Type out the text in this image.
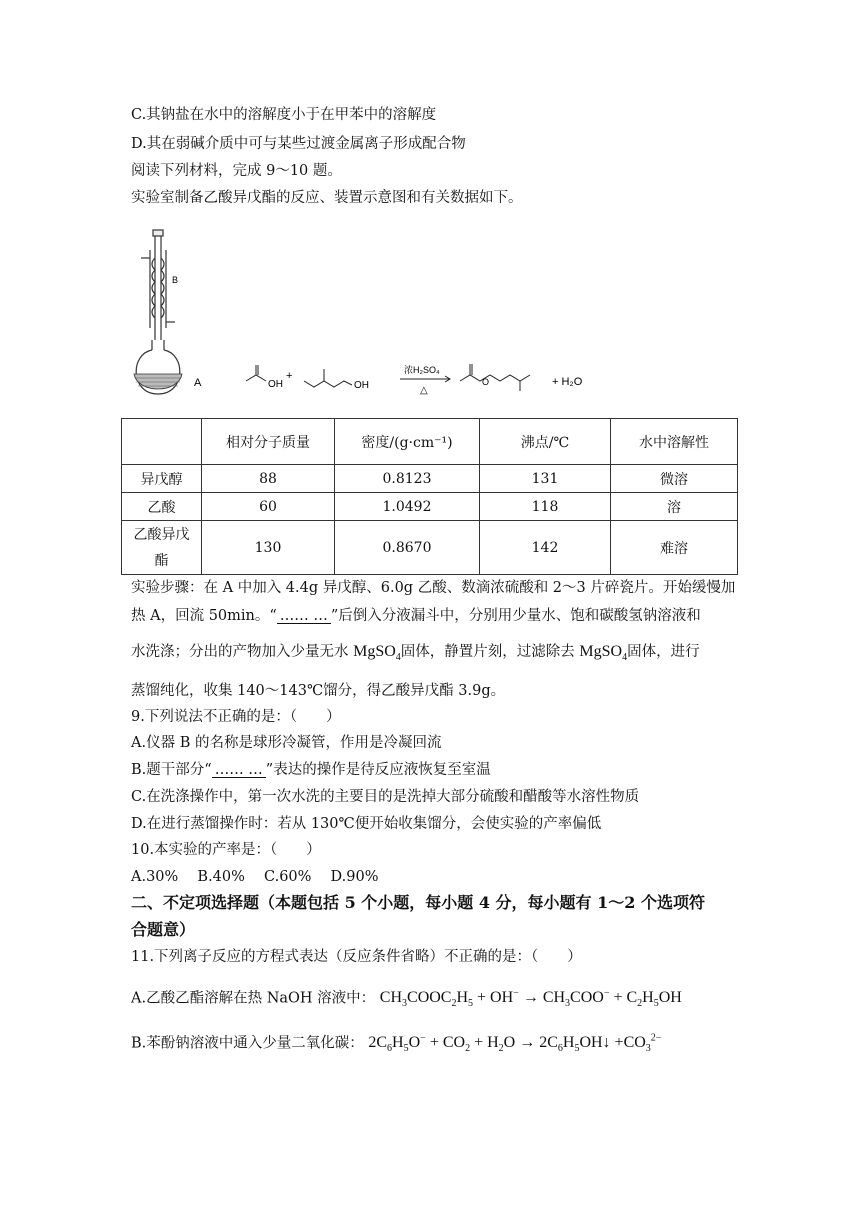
C.其钠盐在水中的溶解度小于在甲苯中的溶解度
D.其在弱碱介质中可与某些过渡金属离子形成配合物
阅读下列材料，完成 9～10 题。
实验室制备乙酸异戊酯的反应、装置示意图和有关数据如下。
B
A	OH
+
OH
浓H₂SO₄
△
O	+ H₂O
	相对分子质量	密度/(g·cm⁻¹)	沸点/℃	水中溶解性
异戊醇	88	0.8123	131	微溶
乙酸	60	1.0492	118	溶
乙酸异戊酯	130	0.8670	142	难溶
实验步骤：在 A 中加入 4.4g 异戊醇、6.0g 乙酸、数滴浓硫酸和 2～3 片碎瓷片。开始缓慢加
热 A，回流 50min。“ …… … ”后倒入分液漏斗中，分别用少量水、饱和碳酸氢钠溶液和
水洗涤；分出的产物加入少量无水 MgSO$_4$固体，静置片刻，过滤除去 MgSO$_4$固体，进行
蒸馏纯化，收集 140～143℃馏分，得乙酸异戊酯 3.9g。
9.下列说法不正确的是：（　　）
A.仪器 B 的名称是球形冷凝管，作用是冷凝回流
B.题干部分“ …… … ”表达的操作是待反应液恢复至室温
C.在洗涤操作中，第一次水洗的主要目的是洗掉大部分硫酸和醋酸等水溶性物质
D.在进行蒸馏操作时：若从 130℃便开始收集馏分，会使实验的产率偏低
10.本实验的产率是：（　　）
A.30%　 B.40%　 C.60%　 D.90%
二、不定项选择题（本题包括 5 个小题，每小题 4 分，每小题有 1～2 个选项符
合题意）
11.下列离子反应的方程式表达（反应条件省略）不正确的是：（　　）
A.乙酸乙酯溶解在热 NaOH 溶液中： $CH_3COOC_2H_5 + OH^- \to CH_3COO^- + C_2H_5OH$
B.苯酚钠溶液中通入少量二氧化碳： $2C_6H_5O^- + CO_2 + H_2O$ → $2C_6H_5OH↓ +CO_3^{2-}$
